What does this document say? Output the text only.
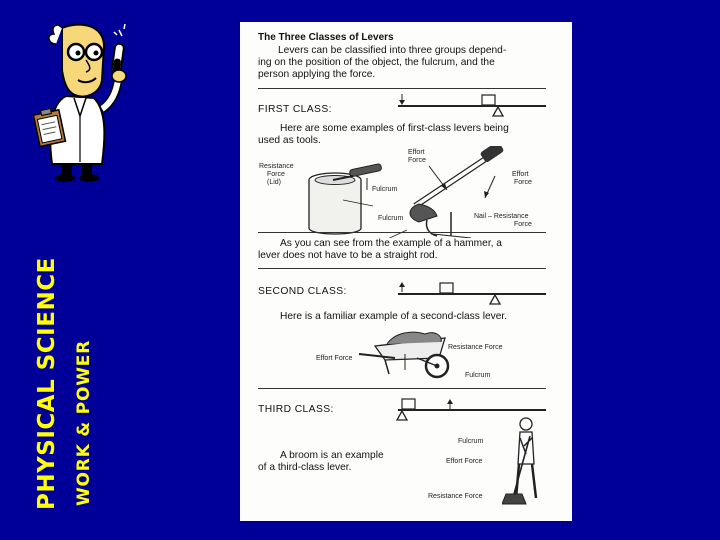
PHYSICAL SCIENCE WORK & POWER
The Three Classes of Levers
Levers can be classified into three groups depend-
ing on the position of the object, the fulcrum, and the
person applying the force.
FIRST CLASS:
Here are some examples of first-class levers being
used as tools.
Resistance
Force
(Lid)
Effort
Force
Effort
Force
Fulcrum
Fulcrum	Nail – Resistance
Force
As you can see from the example of a hammer, a
lever does not have to be a straight rod.
SECOND CLASS:
Here is a familiar example of a second-class lever.
Resistance Force
Effort Force
Fulcrum
THIRD CLASS:
A broom is an example
of a third-class lever.
Fulcrum
Effort Force
Resistance Force
